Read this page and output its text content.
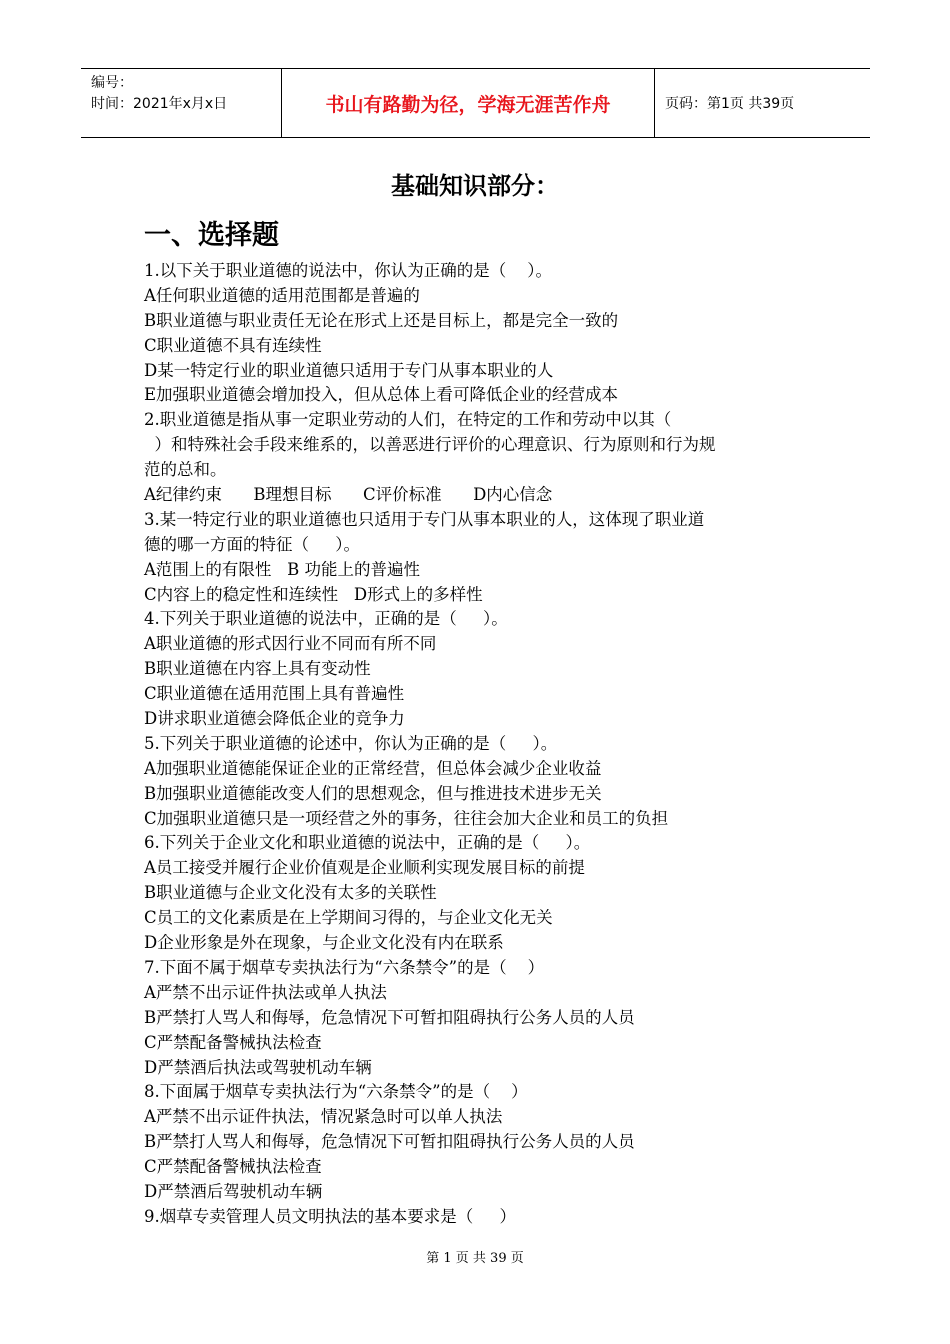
编号：
时间：2021年x月x日	书山有路勤为径，学海无涯苦作舟	页码：第1页 共39页
基础知识部分：
一、选择题
1.以下关于职业道德的说法中，你认为正确的是（    ）。
A任何职业道德的适用范围都是普遍的
B职业道德与职业责任无论在形式上还是目标上，都是完全一致的
C职业道德不具有连续性
D某一特定行业的职业道德只适用于专门从事本职业的人
E加强职业道德会增加投入，但从总体上看可降低企业的经营成本
2.职业道德是指从事一定职业劳动的人们，在特定的工作和劳动中以其（
）和特殊社会手段来维系的，以善恶进行评价的心理意识、行为原则和行为规
范的总和。
A纪律约束      B理想目标      C评价标准      D内心信念
3.某一特定行业的职业道德也只适用于专门从事本职业的人，这体现了职业道
德的哪一方面的特征（     ）。
A范围上的有限性   B 功能上的普遍性
C内容上的稳定性和连续性   D形式上的多样性
4.下列关于职业道德的说法中，正确的是（     ）。
A职业道德的形式因行业不同而有所不同
B职业道德在内容上具有变动性
C职业道德在适用范围上具有普遍性
D讲求职业道德会降低企业的竞争力
5.下列关于职业道德的论述中，你认为正确的是（     ）。
A加强职业道德能保证企业的正常经营，但总体会减少企业收益
B加强职业道德能改变人们的思想观念，但与推进技术进步无关
C加强职业道德只是一项经营之外的事务，往往会加大企业和员工的负担
6.下列关于企业文化和职业道德的说法中，正确的是（     ）。
A员工接受并履行企业价值观是企业顺利实现发展目标的前提
B职业道德与企业文化没有太多的关联性
C员工的文化素质是在上学期间习得的，与企业文化无关
D企业形象是外在现象，与企业文化没有内在联系
7.下面不属于烟草专卖执法行为“六条禁令”的是（    ）
A严禁不出示证件执法或单人执法
B严禁打人骂人和侮辱，危急情况下可暂扣阻碍执行公务人员的人员
C严禁配备警械执法检查
D严禁酒后执法或驾驶机动车辆
8.下面属于烟草专卖执法行为“六条禁令”的是（    ）
A严禁不出示证件执法，情况紧急时可以单人执法
B严禁打人骂人和侮辱，危急情况下可暂扣阻碍执行公务人员的人员
C严禁配备警械执法检查
D严禁酒后驾驶机动车辆
9.烟草专卖管理人员文明执法的基本要求是（     ）
第 1 页 共 39 页
